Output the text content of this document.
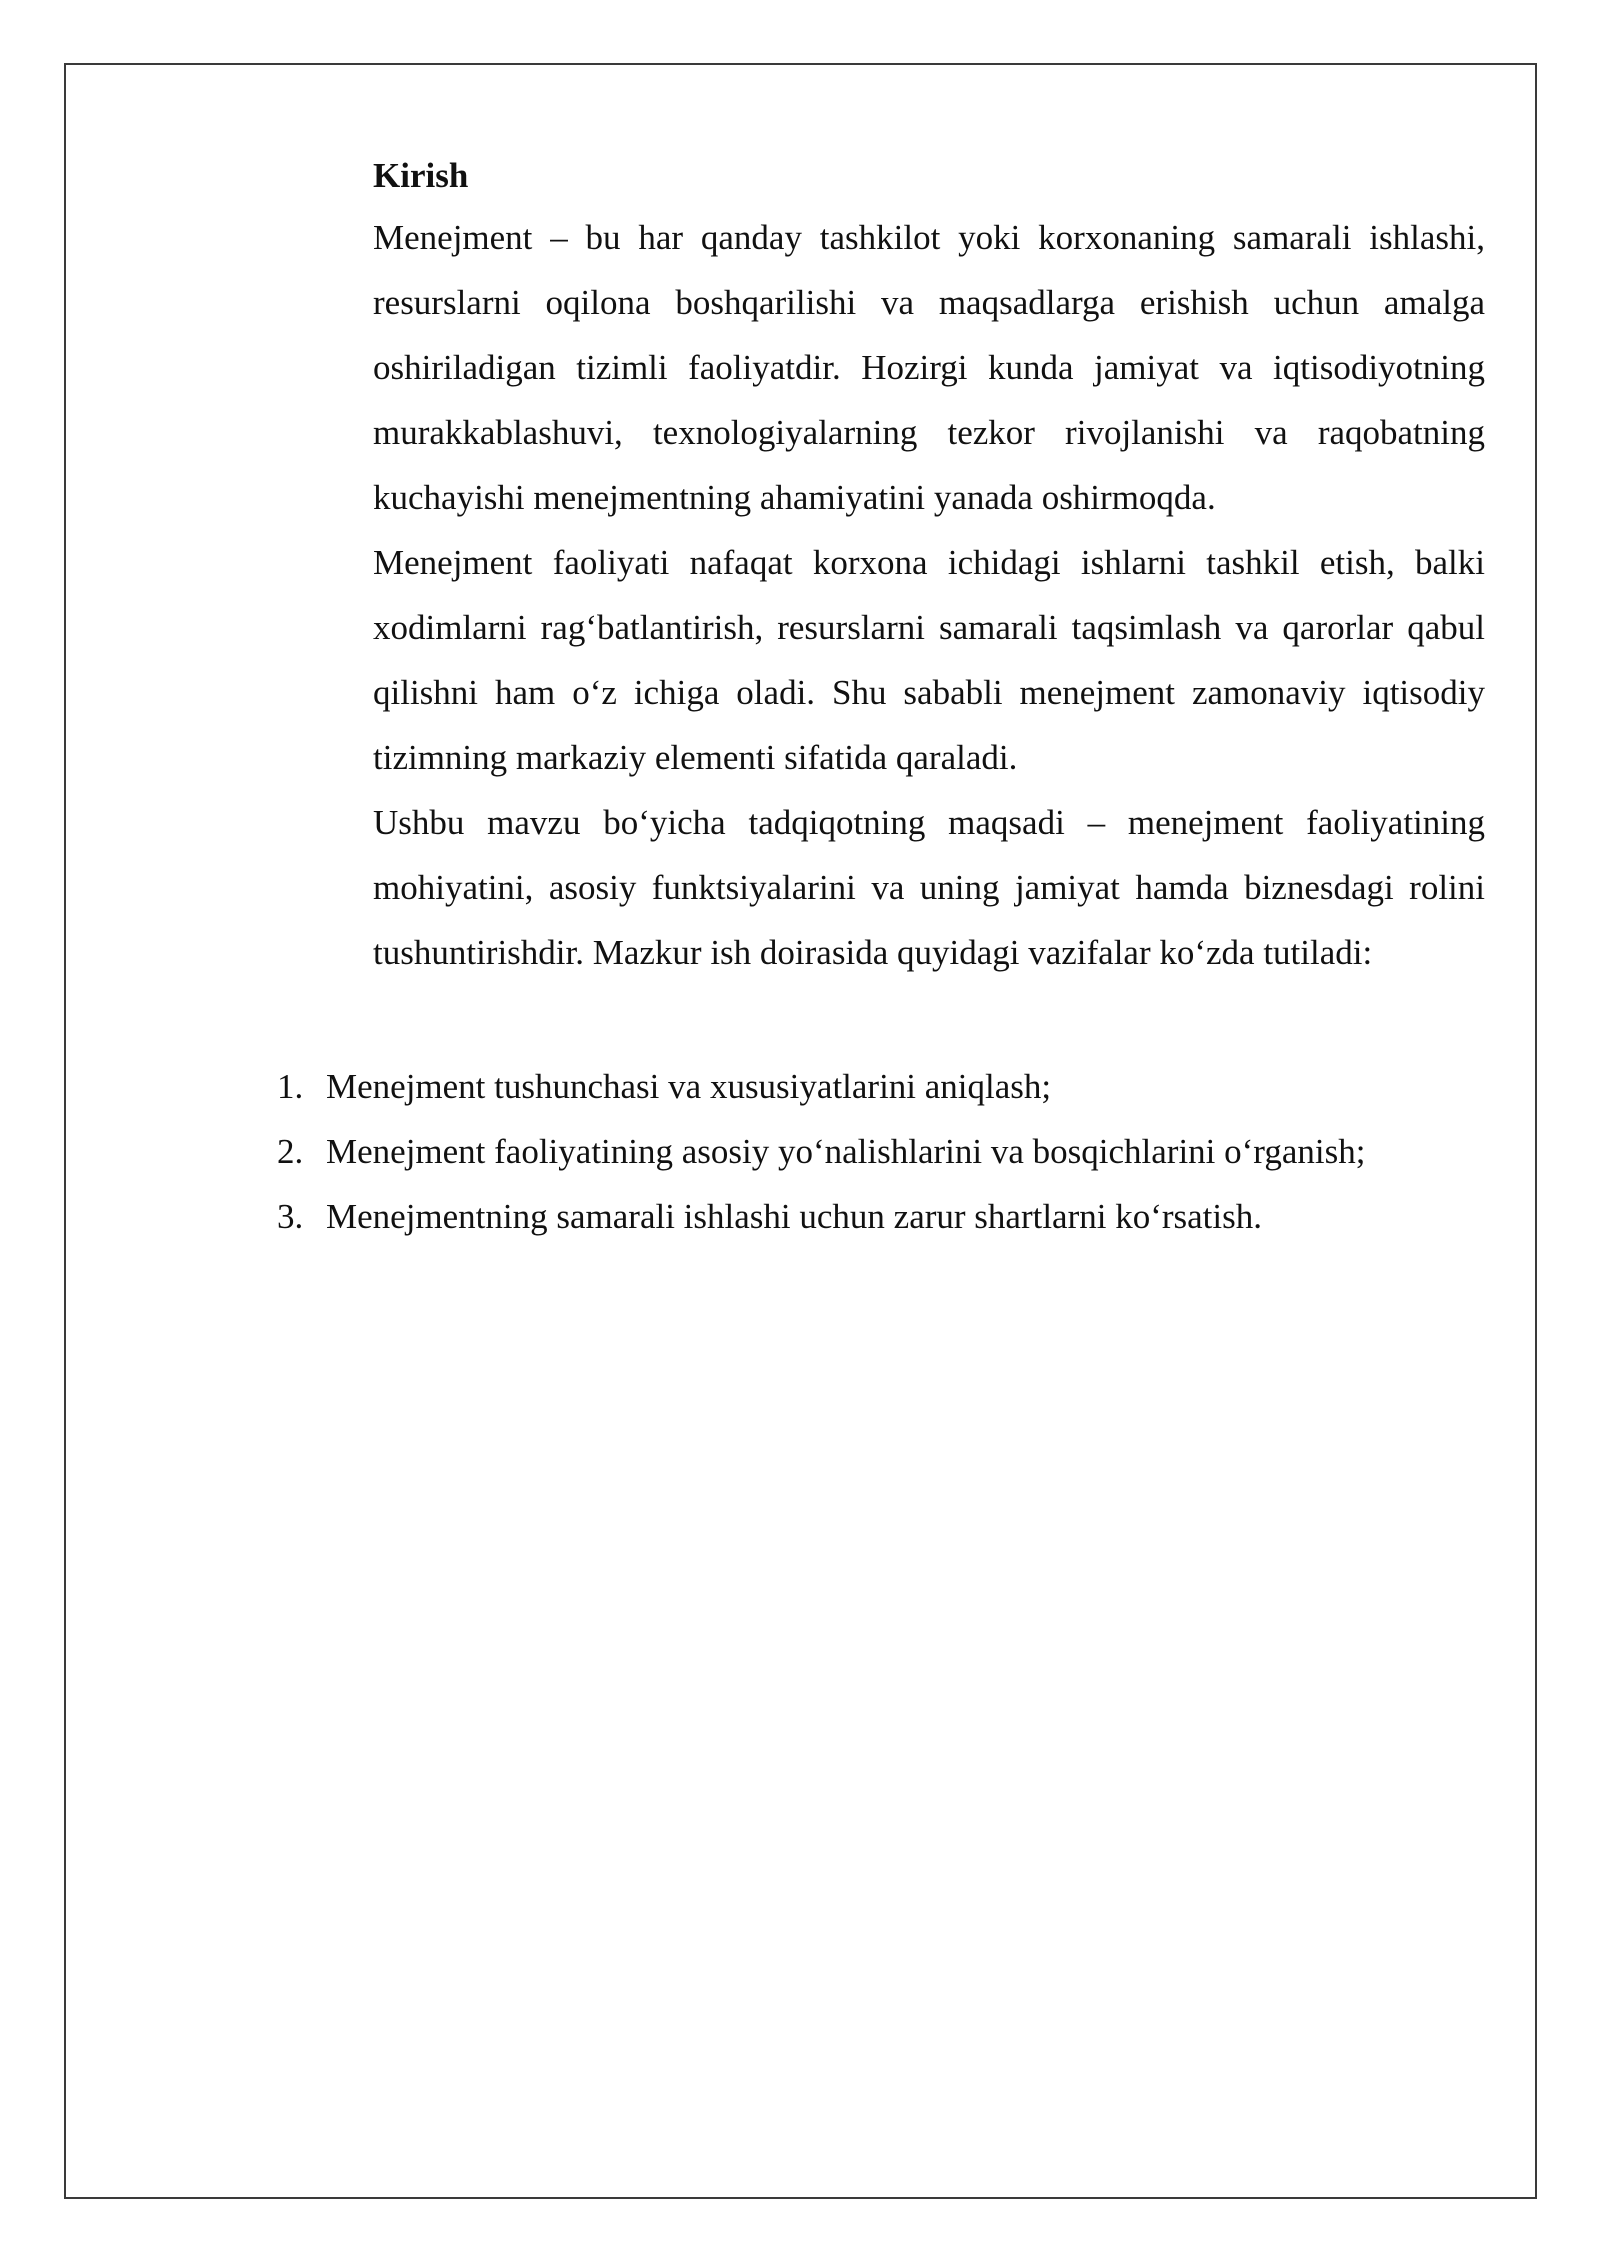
Kirish

Menejment – bu har qanday tashkilot yoki korxonaning samarali ishlashi, resurslarni oqilona boshqarilishi va maqsadlarga erishish uchun amalga oshiriladigan tizimli faoliyatdir. Hozirgi kunda jamiyat va iqtisodiyotning murakkablashuvi, texnologiyalarning tezkor rivojlanishi va raqobatning kuchayishi menejmentning ahamiyatini yanada oshirmoqda.

Menejment faoliyati nafaqat korxona ichidagi ishlarni tashkil etish, balki xodimlarni rag‘batlantirish, resurslarni samarali taqsimlash va qarorlar qabul qilishni ham o‘z ichiga oladi. Shu sababli menejment zamonaviy iqtisodiy tizimning markaziy elementi sifatida qaraladi.

Ushbu mavzu bo‘yicha tadqiqotning maqsadi – menejment faoliyatining mohiyatini, asosiy funktsiyalarini va uning jamiyat hamda biznesdagi rolini tushuntirishdir. Mazkur ish doirasida quyidagi vazifalar ko‘zda tutiladi:

1. Menejment tushunchasi va xususiyatlarini aniqlash;
2. Menejment faoliyatining asosiy yo‘nalishlarini va bosqichlarini o‘rganish;
3. Menejmentning samarali ishlashi uchun zarur shartlarni ko‘rsatish.
